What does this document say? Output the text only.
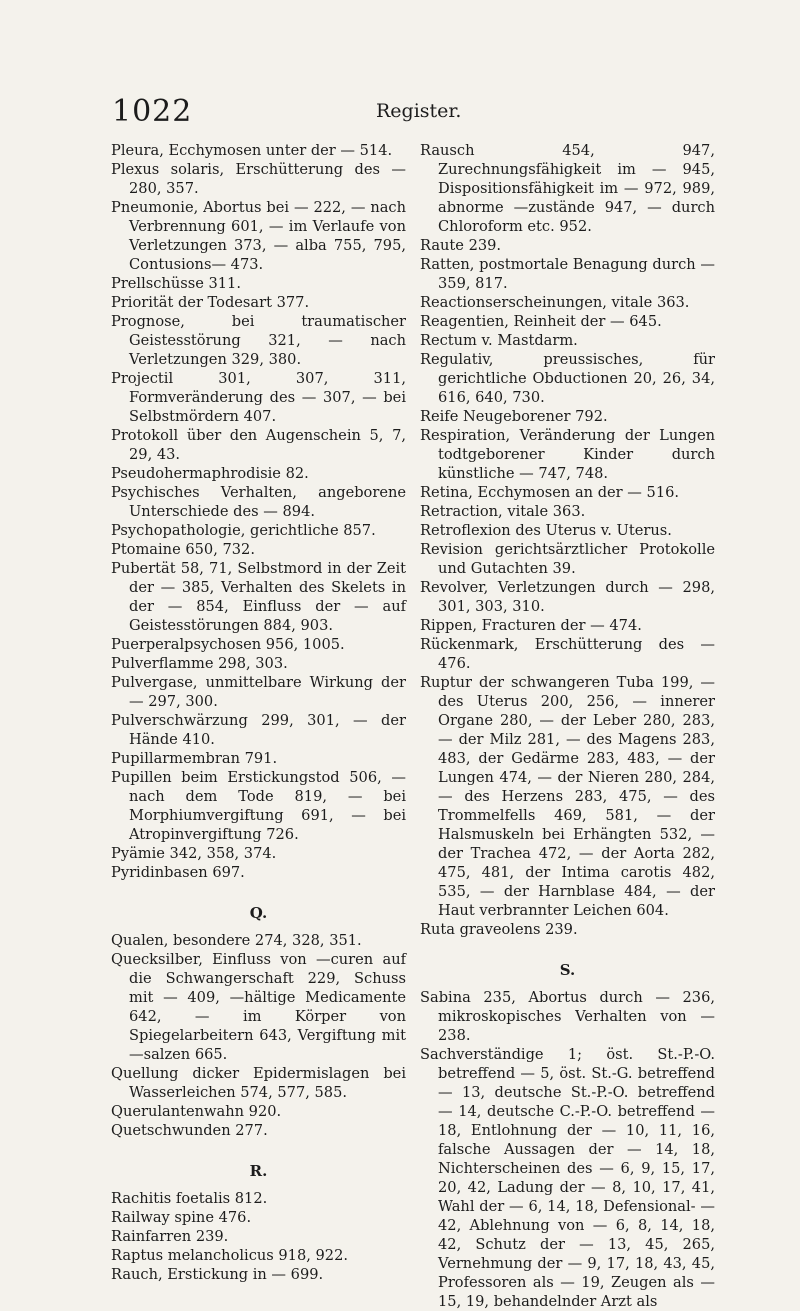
1022	Register.

Pleura, Ecchymosen unter der — 514.

Plexus solaris, Erschütterung des — 280, 357.

Pneumonie, Abortus bei — 222, — nach Verbrennung 601, — im Verlaufe von Verletzungen 373, — alba 755, 795, Contusions— 473.

Prellschüsse 311.

Priorität der Todesart 377.

Prognose, bei traumatischer Geistesstörung 321, — nach Verletzungen 329, 380.

Projectil 301, 307, 311, Formveränderung des — 307, — bei Selbstmördern 407.

Protokoll über den Augenschein 5, 7, 29, 43.

Pseudohermaphrodisie 82.

Psychisches Verhalten, angeborene Unterschiede des — 894.

Psychopathologie, gerichtliche 857.

Ptomaine 650, 732.

Pubertät 58, 71, Selbstmord in der Zeit der — 385, Verhalten des Skelets in der — 854, Einfluss der — auf Geistesstörungen 884, 903.

Puerperalpsychosen 956, 1005.

Pulverflamme 298, 303.

Pulvergase, unmittelbare Wirkung der — 297, 300.

Pulverschwärzung 299, 301, — der Hände 410.

Pupillarmembran 791.

Pupillen beim Erstickungstod 506, — nach dem Tode 819, — bei Morphiumvergiftung 691, — bei Atropinvergiftung 726.

Pyämie 342, 358, 374.

Pyridinbasen 697.

Q.

Qualen, besondere 274, 328, 351.

Quecksilber, Einfluss von —curen auf die Schwangerschaft 229, Schuss mit — 409, —hältige Medicamente 642, — im Körper von Spiegelarbeitern 643, Vergiftung mit —salzen 665.

Quellung dicker Epidermislagen bei Wasserleichen 574, 577, 585.

Querulantenwahn 920.

Quetschwunden 277.

R.

Rachitis foetalis 812.

Railway spine 476.

Rainfarren 239.

Raptus melancholicus 918, 922.

Rauch, Erstickung in — 699.

Rausch 454, 947, Zurechnungsfähigkeit im — 945, Dispositionsfähigkeit im — 972, 989, abnorme —zustände 947, — durch Chloroform etc. 952.

Raute 239.

Ratten, postmortale Benagung durch — 359, 817.

Reactionserscheinungen, vitale 363.

Reagentien, Reinheit der — 645.

Rectum v. Mastdarm.

Regulativ, preussisches, für gerichtliche Obductionen 20, 26, 34, 616, 640, 730.

Reife Neugeborener 792.

Respiration, Veränderung der Lungen todtgeborener Kinder durch künstliche — 747, 748.

Retina, Ecchymosen an der — 516.

Retraction, vitale 363.

Retroflexion des Uterus v. Uterus.

Revision gerichtsärztlicher Protokolle und Gutachten 39.

Revolver, Verletzungen durch — 298, 301, 303, 310.

Rippen, Fracturen der — 474.

Rückenmark, Erschütterung des — 476.

Ruptur der schwangeren Tuba 199, — des Uterus 200, 256, — innerer Organe 280, — der Leber 280, 283, — der Milz 281, — des Magens 283, 483, der Gedärme 283, 483, — der Lungen 474, — der Nieren 280, 284, — des Herzens 283, 475, — des Trommelfells 469, 581, — der Halsmuskeln bei Erhängten 532, — der Trachea 472, — der Aorta 282, 475, 481, der Intima carotis 482, 535, — der Harnblase 484, — der Haut verbrannter Leichen 604.

Ruta graveolens 239.

S.

Sabina 235, Abortus durch — 236, mikroskopisches Verhalten von — 238.

Sachverständige 1; öst. St.-P.-O. betreffend — 5, öst. St.-G. betreffend — 13, deutsche St.-P.-O. betreffend — 14, deutsche C.-P.-O. betreffend — 18, Entlohnung der — 10, 11, 16, falsche Aussagen der — 14, 18, Nichterscheinen des — 6, 9, 15, 17, 20, 42, Ladung der — 8, 10, 17, 41, Wahl der — 6, 14, 18, Defensional- — 42, Ablehnung von — 6, 8, 14, 18, 42, Schutz der — 13, 45, 265, Vernehmung der — 9, 17, 18, 43, 45, Professoren als — 19, Zeugen als — 15, 19, behandelnder Arzt als
